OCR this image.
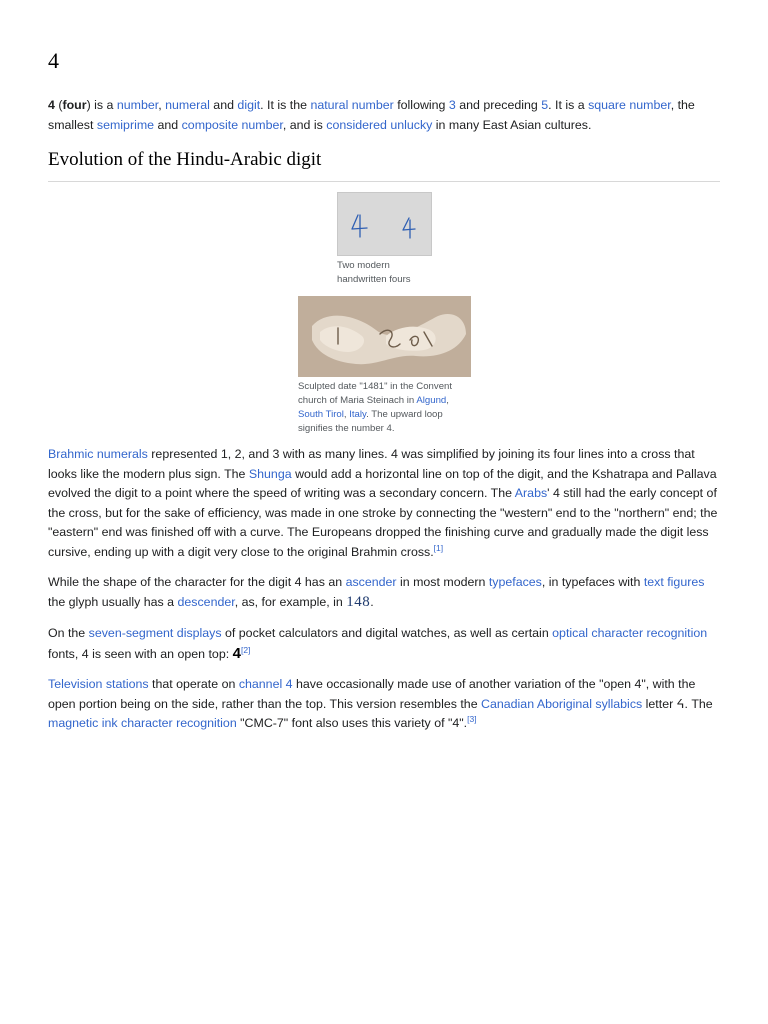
4

4 (four) is a number, numeral and digit. It is the natural number following 3 and preceding 5. It is a square number, the smallest semiprime and composite number, and is considered unlucky in many East Asian cultures.

Evolution of the Hindu-Arabic digit
Two modern handwritten fours
Sculpted date "1481" in the Convent church of Maria Steinach in Algund, South Tirol, Italy. The upward loop signifies the number 4.

Brahmic numerals represented 1, 2, and 3 with as many lines. 4 was simplified by joining its four lines into a cross that looks like the modern plus sign. The Shunga would add a horizontal line on top of the digit, and the Kshatrapa and Pallava evolved the digit to a point where the speed of writing was a secondary concern. The Arabs' 4 still had the early concept of the cross, but for the sake of efficiency, was made in one stroke by connecting the "western" end to the "northern" end; the "eastern" end was finished off with a curve. The Europeans dropped the finishing curve and gradually made the digit less cursive, ending up with a digit very close to the original Brahmin cross.[1]

While the shape of the character for the digit 4 has an ascender in most modern typefaces, in typefaces with text figures the glyph usually has a descender, as, for example, in 148.

On the seven-segment displays of pocket calculators and digital watches, as well as certain optical character recognition fonts, 4 is seen with an open top: 4[2]

Television stations that operate on channel 4 have occasionally made use of another variation of the "open 4", with the open portion being on the side, rather than the top. This version resembles the Canadian Aboriginal syllabics letter ᔦ. The magnetic ink character recognition "CMC-7" font also uses this variety of "4".[3]
